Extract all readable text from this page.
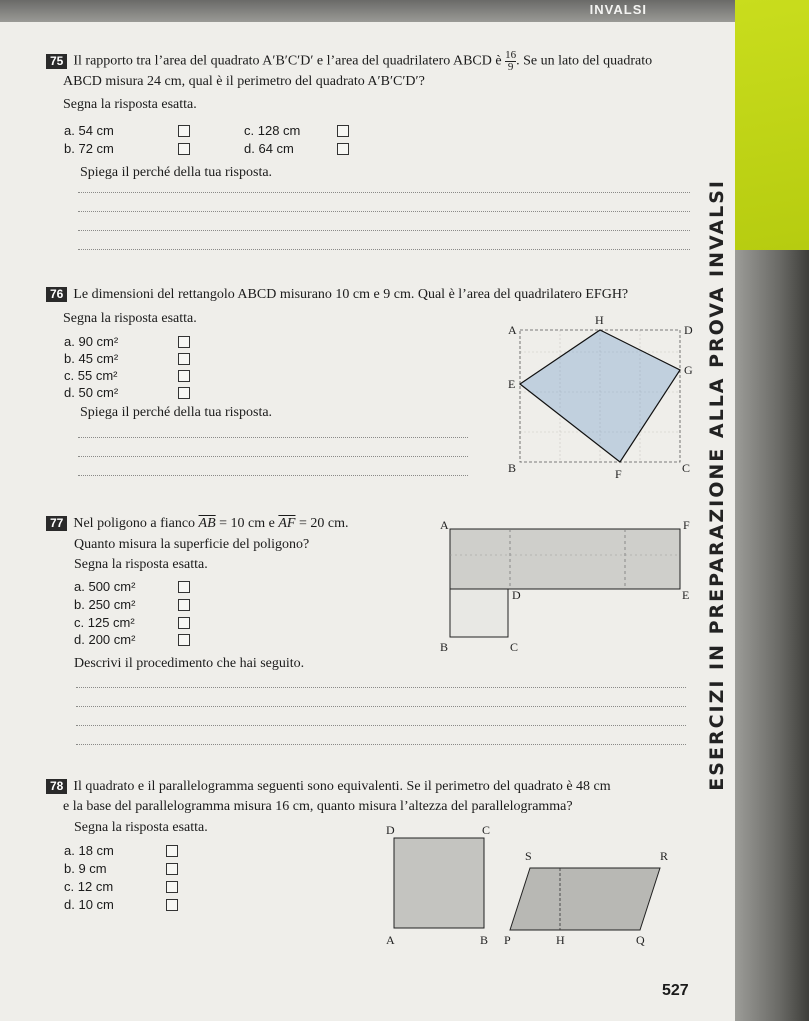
INVALSI
75 Il rapporto tra l’area del quadrato A′B′C′D′ e l’area del quadrilatero ABCD è $\frac{16}{9}$ . Se un lato del quadrato
ABCD misura 24 cm, qual è il perimetro del quadrato A′B′C′D′?
Segna la risposta esatta.
a. 54 cm
b. 72 cm
c. 128 cm
d. 64 cm
Spiega il perché della tua risposta.
76 Le dimensioni del rettangolo ABCD misurano 10 cm e 9 cm. Qual è l’area del quadrilatero EFGH?
Segna la risposta esatta.
a. 90 cm²
b. 45 cm²
c. 55 cm²
d. 50 cm²
Spiega il perché della tua risposta.
A
H
D
G
E
B	F	C
77 Nel poligono a fianco $\overline{AB} = 10$ cm e $\overline{AF} = 20$ cm.
Quanto misura la superficie del poligono?
Segna la risposta esatta.
a. 500 cm²
b. 250 cm²
c. 125 cm²
d. 200 cm²
Descrivi il procedimento che hai seguito.
A	F
D	E
B	C
78 Il quadrato e il parallelogramma seguenti sono equivalenti. Se il perimetro del quadrato è 48 cm
e la base del parallelogramma misura 16 cm, quanto misura l’altezza del parallelogramma?
Segna la risposta esatta.
a. 18 cm
b. 9 cm
c. 12 cm
d. 10 cm
D	C
A	B
S	R
P	H	Q
527
ESERCIZI IN PREPARAZIONE ALLA PROVA INVALSI
